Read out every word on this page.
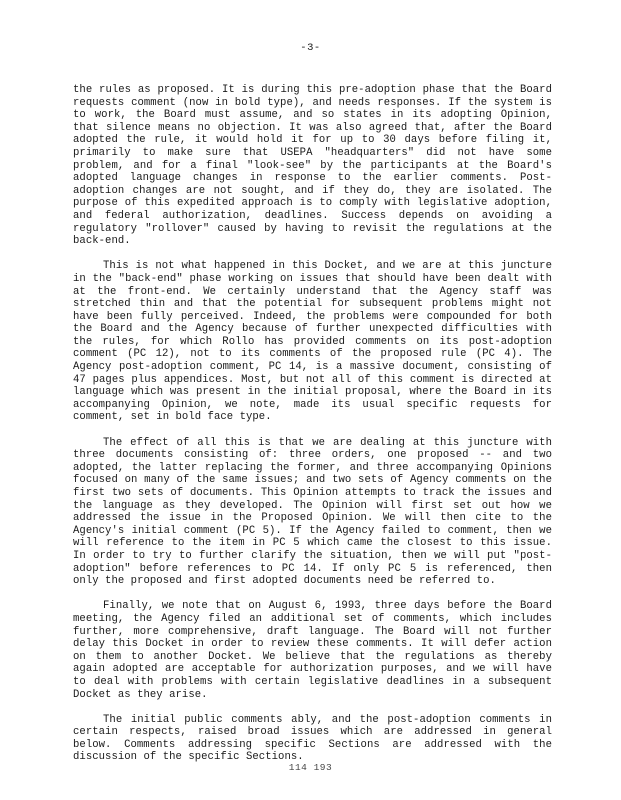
-3-

the rules as proposed. It is during this pre-adoption phase that the Board requests comment (now in bold type), and needs responses. If the system is to work, the Board must assume, and so states in its adopting Opinion, that silence means no objection. It was also agreed that, after the Board adopted the rule, it would hold it for up to 30 days before filing it, primarily to make sure that USEPA "headquarters" did not have some problem, and for a final "look-see" by the participants at the Board's adopted language changes in response to the earlier comments. Post-adoption changes are not sought, and if they do, they are isolated. The purpose of this expedited approach is to comply with legislative adoption, and federal authorization, deadlines. Success depends on avoiding a regulatory "rollover" caused by having to revisit the regulations at the back-end.

This is not what happened in this Docket, and we are at this juncture in the "back-end" phase working on issues that should have been dealt with at the front-end. We certainly understand that the Agency staff was stretched thin and that the potential for subsequent problems might not have been fully perceived. Indeed, the problems were compounded for both the Board and the Agency because of further unexpected difficulties with the rules, for which Rollo has provided comments on its post-adoption comment (PC 12), not to its comments of the proposed rule (PC 4). The Agency post-adoption comment, PC 14, is a massive document, consisting of 47 pages plus appendices. Most, but not all of this comment is directed at language which was present in the initial proposal, where the Board in its accompanying Opinion, we note, made its usual specific requests for comment, set in bold face type.

The effect of all this is that we are dealing at this juncture with three documents consisting of: three orders, one proposed -- and two adopted, the latter replacing the former, and three accompanying Opinions focused on many of the same issues; and two sets of Agency comments on the first two sets of documents. This Opinion attempts to track the issues and the language as they developed. The Opinion will first set out how we addressed the issue in the Proposed Opinion. We will then cite to the Agency's initial comment (PC 5). If the Agency failed to comment, then we will reference to the item in PC 5 which came the closest to this issue. In order to try to further clarify the situation, then we will put "post-adoption" before references to PC 14. If only PC 5 is referenced, then only the proposed and first adopted documents need be referred to.

Finally, we note that on August 6, 1993, three days before the Board meeting, the Agency filed an additional set of comments, which includes further, more comprehensive, draft language. The Board will not further delay this Docket in order to review these comments. It will defer action on them to another Docket. We believe that the regulations as thereby again adopted are acceptable for authorization purposes, and we will have to deal with problems with certain legislative deadlines in a subsequent Docket as they arise.

The initial public comments ably, and the post-adoption comments in certain respects, raised broad issues which are addressed in general below. Comments addressing specific Sections are addressed with the discussion of the specific Sections.

114 193
